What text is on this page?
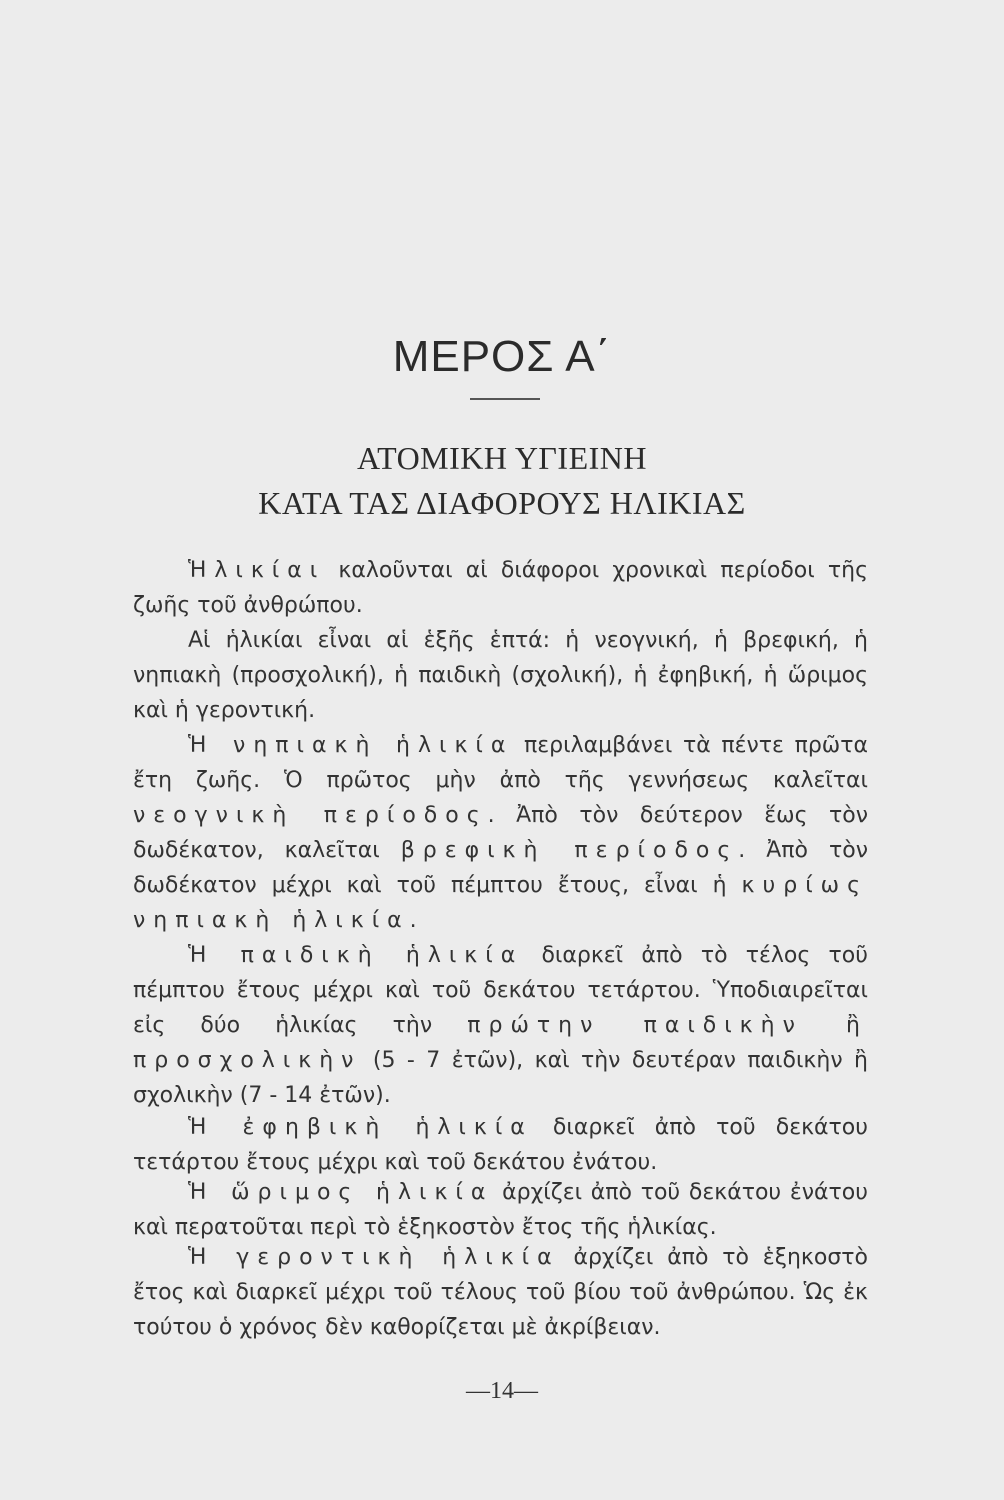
ΜΕΡΟΣ Α΄
ΑΤΟΜΙΚΗ ΥΓΙΕΙΝΗ
ΚΑΤΑ ΤΑΣ ΔΙΑΦΟΡΟΥΣ ΗΛΙΚΙΑΣ

Ἡλικίαι καλοῦνται αἱ διάφοροι χρονικαὶ περίοδοι τῆς ζωῆς τοῦ ἀνθρώπου.

Αἱ ἡλικίαι εἶναι αἱ ἑξῆς ἑπτά: ἡ νεογνική, ἡ βρεφική, ἡ νηπιακὴ (προσχολική), ἡ παιδικὴ (σχολική), ἡ ἐφηβική, ἡ ὥριμος καὶ ἡ γεροντική.

Ἡ νηπιακὴ ἡλικία περιλαμβάνει τὰ πέντε πρῶτα ἔτη ζωῆς. Ὁ πρῶτος μὴν ἀπὸ τῆς γεννήσεως καλεῖται νεογνικὴ περίοδος. Ἀπὸ τὸν δεύτερον ἕως τὸν δωδέκατον, καλεῖται βρεφικὴ περίοδος. Ἀπὸ τὸν δωδέκατον μέχρι καὶ τοῦ πέμπτου ἔτους, εἶναι ἡ κυρίως νηπιακὴ ἡλικία.

Ἡ παιδικὴ ἡλικία διαρκεῖ ἀπὸ τὸ τέλος τοῦ πέμπτου ἔτους μέχρι καὶ τοῦ δεκάτου τετάρτου. Ὑποδιαιρεῖται εἰς δύο ἡλικίας τὴν πρώτην παιδικὴν ἢ προσχολικὴν (5 - 7 ἐτῶν), καὶ τὴν δευτέραν παιδικὴν ἢ σχολικὴν (7 - 14 ἐτῶν).

Ἡ ἐφηβικὴ ἡλικία διαρκεῖ ἀπὸ τοῦ δεκάτου τετάρτου ἔτους μέχρι καὶ τοῦ δεκάτου ἐνάτου.

Ἡ ὥριμος ἡλικία ἀρχίζει ἀπὸ τοῦ δεκάτου ἐνάτου καὶ περατοῦται περὶ τὸ ἑξηκοστὸν ἔτος τῆς ἡλικίας.

Ἡ γεροντικὴ ἡλικία ἀρχίζει ἀπὸ τὸ ἑξηκοστὸ ἔτος καὶ διαρκεῖ μέχρι τοῦ τέλους τοῦ βίου τοῦ ἀνθρώπου. Ὡς ἐκ τούτου ὁ χρόνος δὲν καθορίζεται μὲ ἀκρίβειαν.

—14—
